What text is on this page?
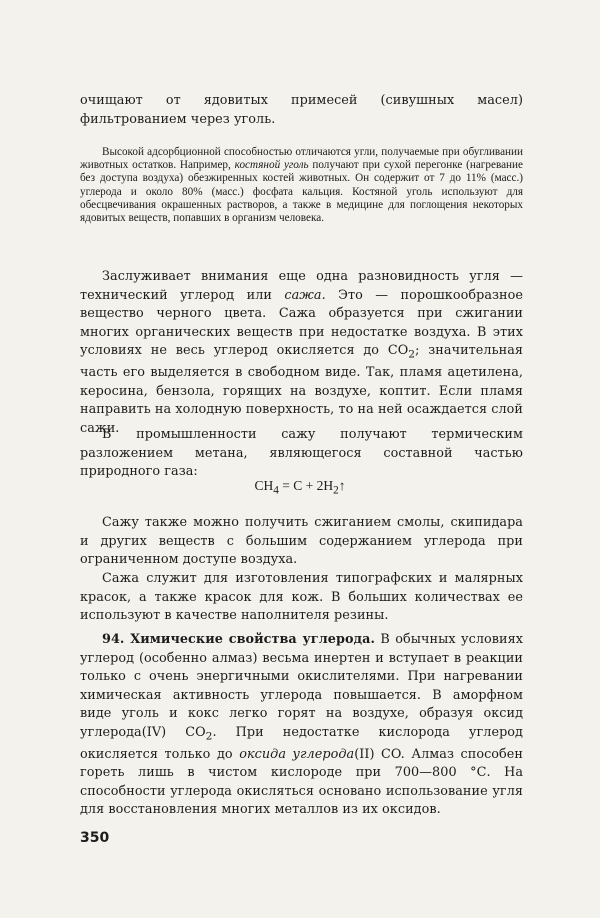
очищают от ядовитых примесей (сивушных масел) фильтрованием через уголь.

Высокой адсорбционной способностью отличаются угли, получаемые при обугливании животных остатков. Например, костяной уголь получают при сухой перегонке (нагревание без доступа воздуха) обезжиренных костей животных. Он содержит от 7 до 11% (масс.) углерода и около 80% (масс.) фосфата кальция. Костяной уголь используют для обесцвечивания окрашенных растворов, а также в медицине для поглощения некоторых ядовитых веществ, попавших в организм человека.

Заслуживает внимания еще одна разновидность угля — технический углерод или сажа. Это — порошкообразное вещество черного цвета. Сажа образуется при сжигании многих органических веществ при недостатке воздуха. В этих условиях не весь углерод окисляется до $CO_2$; значительная часть его выделяется в свободном виде. Так, пламя ацетилена, керосина, бензола, горящих на воздухе, коптит. Если пламя направить на холодную поверхность, то на ней осаждается слой сажи.

В промышленности сажу получают термическим разложением метана, являющегося составной частью природного газа:

$CH_4 = C$ + $2H_2↑$

Сажу также можно получить сжиганием смолы, скипидара и других веществ с большим содержанием углерода при ограниченном доступе воздуха.

Сажа служит для изготовления типографских и малярных красок, а также красок для кож. В больших количествах ее используют в качестве наполнителя резины.

94. Химические свойства углерода. В обычных условиях углерод (особенно алмаз) весьма инертен и вступает в реакции только с очень энергичными окислителями. При нагревании химическая активность углерода повышается. В аморфном виде уголь и кокс легко горят на воздухе, образуя оксид углерода(IV) $CO_2$. При недостатке кислорода углерод окисляется только до оксида углерода(II) CO. Алмаз способен гореть лишь в чистом кислороде при 700—800 °С. На способности углерода окисляться основано использование угля для восстановления многих металлов из их оксидов.

350
